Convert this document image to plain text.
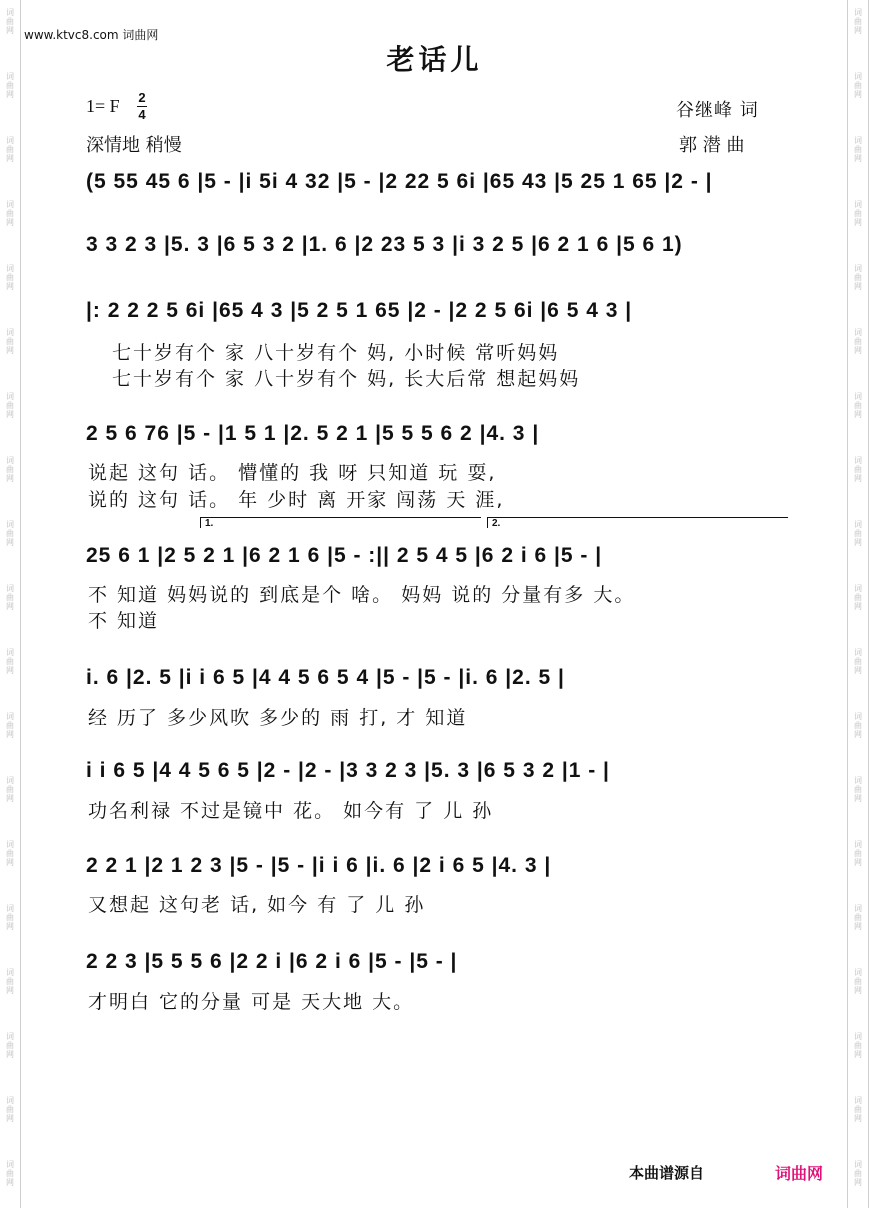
词
曲
网
词
曲
网
词
曲
网
词
曲
网
词
曲
网
词
曲
网
词
曲
网
词
曲
网
词
曲
网
词
曲
网
词
曲
网
词
曲
网
词
曲
网
词
曲
网
词
曲
网
词
曲
网
词
曲
网
词
曲
网
词
曲
网
词
曲
网
词
曲
网
词
曲
网
词
曲
网
词
曲
网
词
曲
网
词
曲
网
词
曲
网
词
曲
网
词
曲
网
词
曲
网
词
曲
网
词
曲
网
词
曲
网
词
曲
网
词
曲
网
词
曲
网
词
曲
网
词
曲
网
www.ktvc8.com 词曲网
老话儿
1= F 2
4
深情地 稍慢
谷继峰 词
郭 潜 曲
(5 55 45 6 |5 - |i 5i 4 32 |5 - |2 22 5 6i |65 43 |5 25 1 65 |2 - |
3 3 2 3 |5. 3 |6 5 3 2 |1. 6 |2 23 5 3 |i 3 2 5 |6 2 1 6 |5 6 1)
|: 2 2 2 5 6i |65 4 3 |5 2 5 1 65 |2 - |2 2 5 6i |6 5 4 3 |
七十岁有个 家 八十岁有个 妈, 小时候 常听妈妈
七十岁有个 家 八十岁有个 妈, 长大后常 想起妈妈
2 5 6 76 |5 - |1 5 1 |2. 5 2 1 |5 5 5 6 2 |4. 3 |
说起 这句 话。 懵懂的 我 呀 只知道 玩 耍,
说的 这句 话。 年 少时 离 开家 闯荡 天 涯,
1.	2.
25 6 1 |2 5 2 1 |6 2 1 6 |5 - :|| 2 5 4 5 |6 2 i 6 |5 - |
不 知道 妈妈说的 到底是个 啥。 妈妈 说的 分量有多 大。
不 知道
i. 6 |2. 5 |i i 6 5 |4 4 5 6 5 4 |5 - |5 - |i. 6 |2. 5 |
经 历了 多少风吹 多少的 雨 打, 才 知道
i i 6 5 |4 4 5 6 5 |2 - |2 - |3 3 2 3 |5. 3 |6 5 3 2 |1 - |
功名利禄 不过是镜中 花。 如今有 了 儿 孙
2 2 1 |2 1 2 3 |5 - |5 - |i i 6 |i. 6 |2 i 6 5 |4. 3 |
又想起 这句老 话, 如今 有 了 儿 孙
2 2 3 |5 5 5 6 |2 2 i |6 2 i 6 |5 - |5 - |
才明白 它的分量 可是 天大地 大。
本曲谱源自	词曲网
